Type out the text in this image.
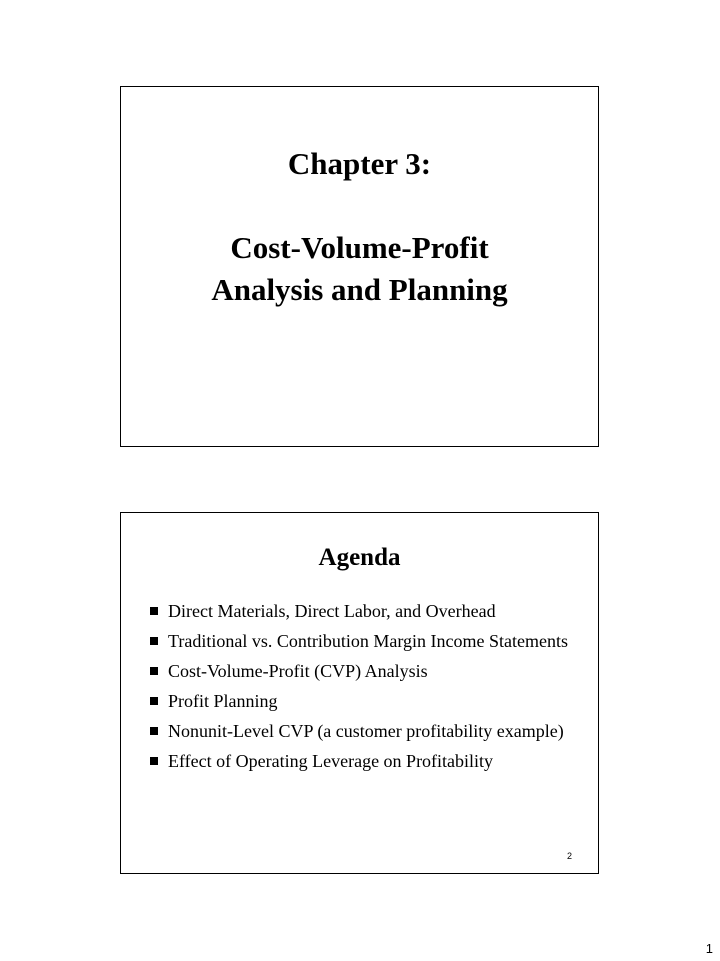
Chapter 3:
Cost-Volume-Profit
Analysis and Planning
Agenda
Direct Materials, Direct Labor, and Overhead
Traditional vs. Contribution Margin Income Statements
Cost-Volume-Profit (CVP) Analysis
Profit Planning
Nonunit-Level CVP (a customer profitability example)
Effect of Operating Leverage on Profitability
2
1
